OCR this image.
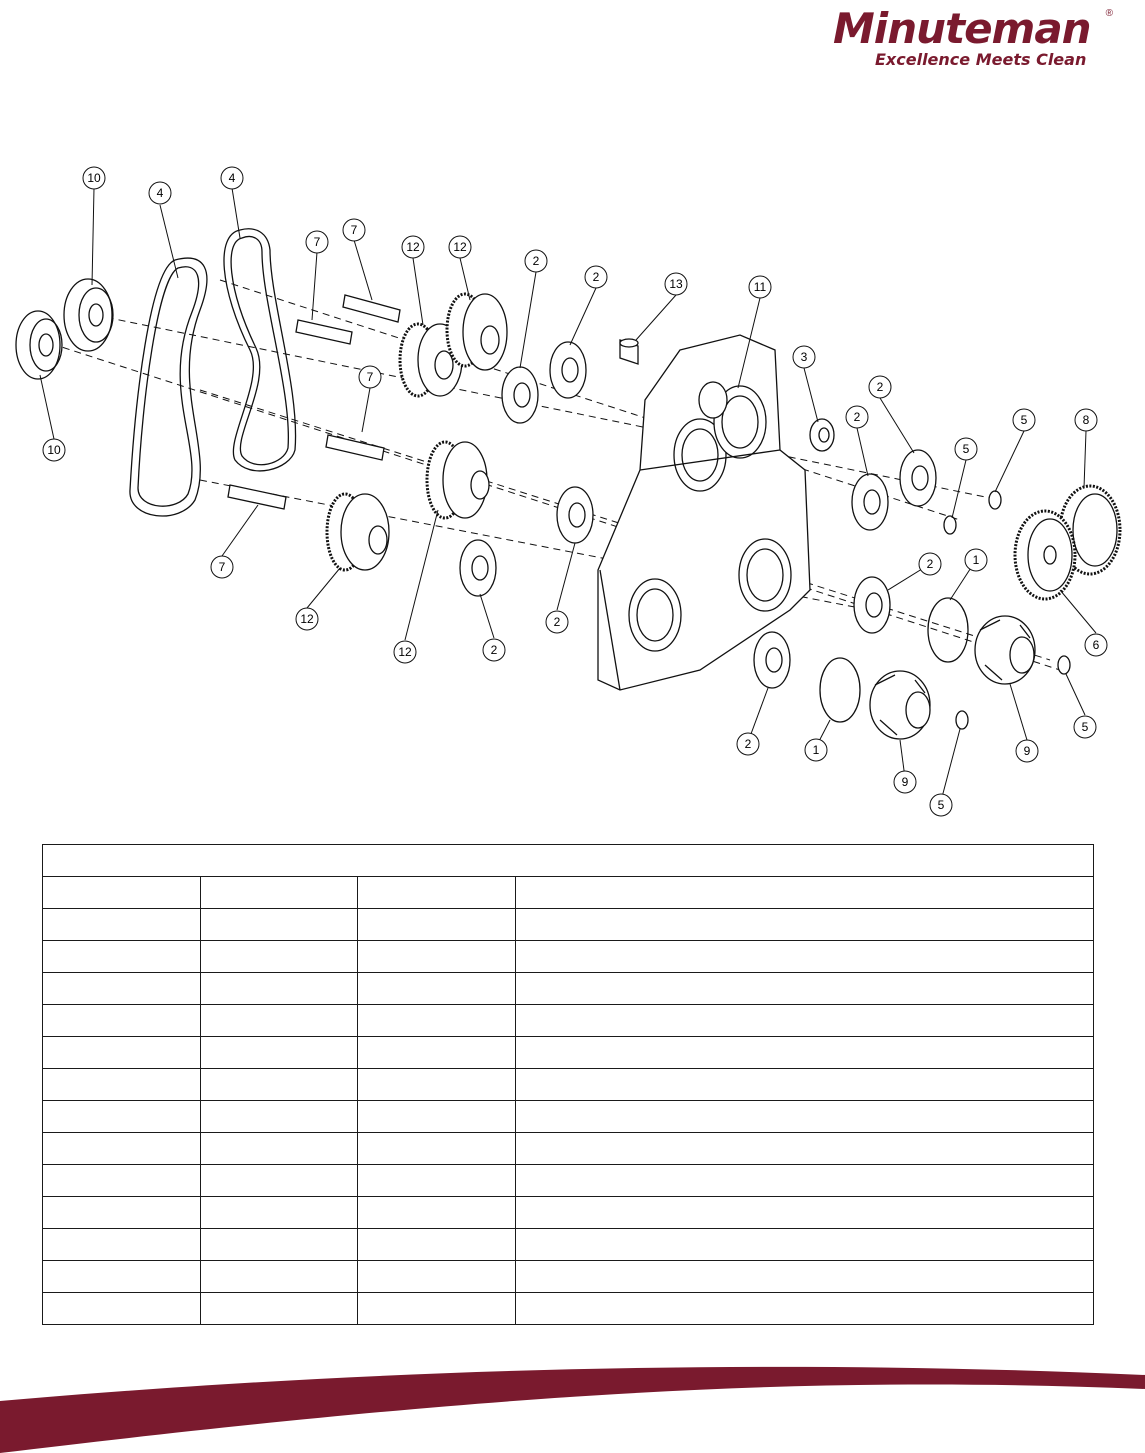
Minuteman ®
Excellence Meets Clean
10
4
4
7
7
12	12
2
2	13	11
3
2
2	5
5
8
7
10
7
12
12	2
2
2	1
6
5
9
2	1
9
5
